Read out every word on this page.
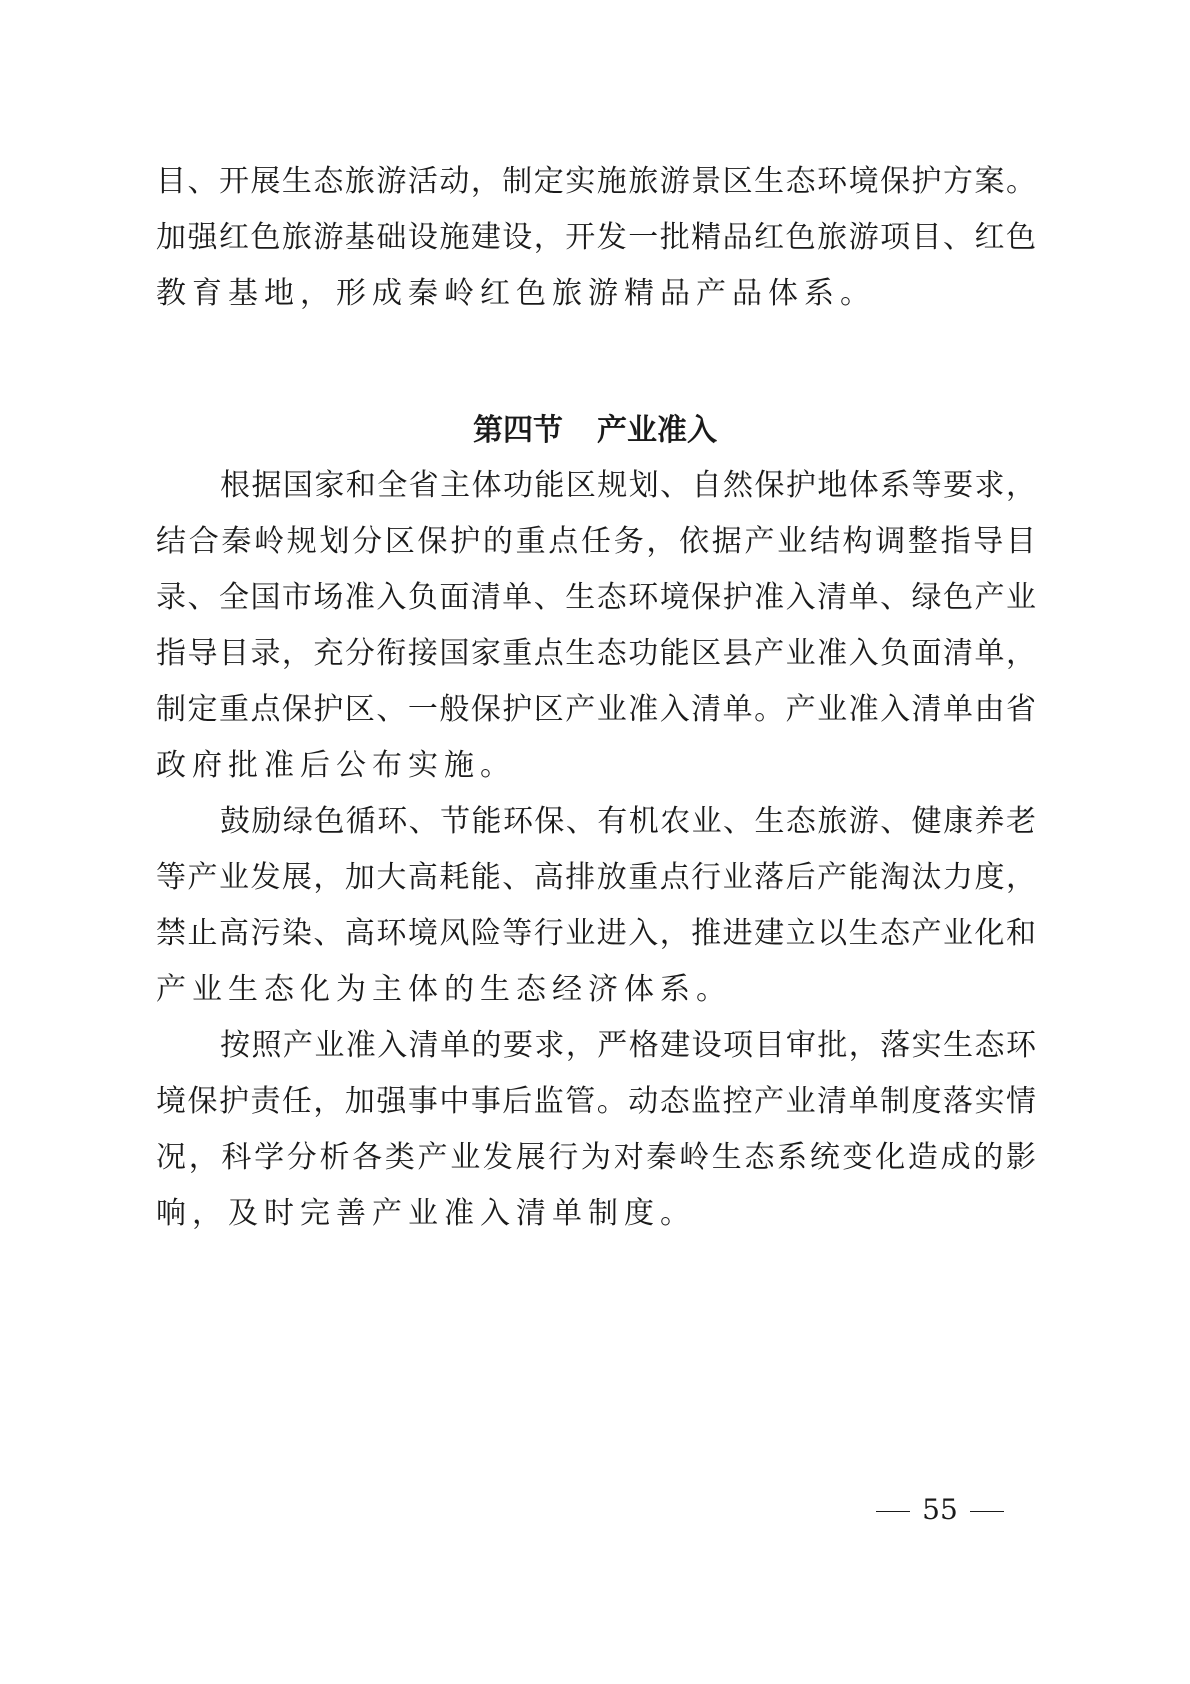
目、开展生态旅游活动，制定实施旅游景区生态环境保护方案。
加强红色旅游基础设施建设，开发一批精品红色旅游项目、红色
教育基地，形成秦岭红色旅游精品产品体系。
第四节 产业准入
根据国家和全省主体功能区规划、自然保护地体系等要求，
结合秦岭规划分区保护的重点任务，依据产业结构调整指导目
录、全国市场准入负面清单、生态环境保护准入清单、绿色产业
指导目录，充分衔接国家重点生态功能区县产业准入负面清单，
制定重点保护区、一般保护区产业准入清单。产业准入清单由省
政府批准后公布实施。
鼓励绿色循环、节能环保、有机农业、生态旅游、健康养老
等产业发展，加大高耗能、高排放重点行业落后产能淘汰力度，
禁止高污染、高环境风险等行业进入，推进建立以生态产业化和
产业生态化为主体的生态经济体系。
按照产业准入清单的要求，严格建设项目审批，落实生态环
境保护责任，加强事中事后监管。动态监控产业清单制度落实情
况，科学分析各类产业发展行为对秦岭生态系统变化造成的影
响，及时完善产业准入清单制度。
55
